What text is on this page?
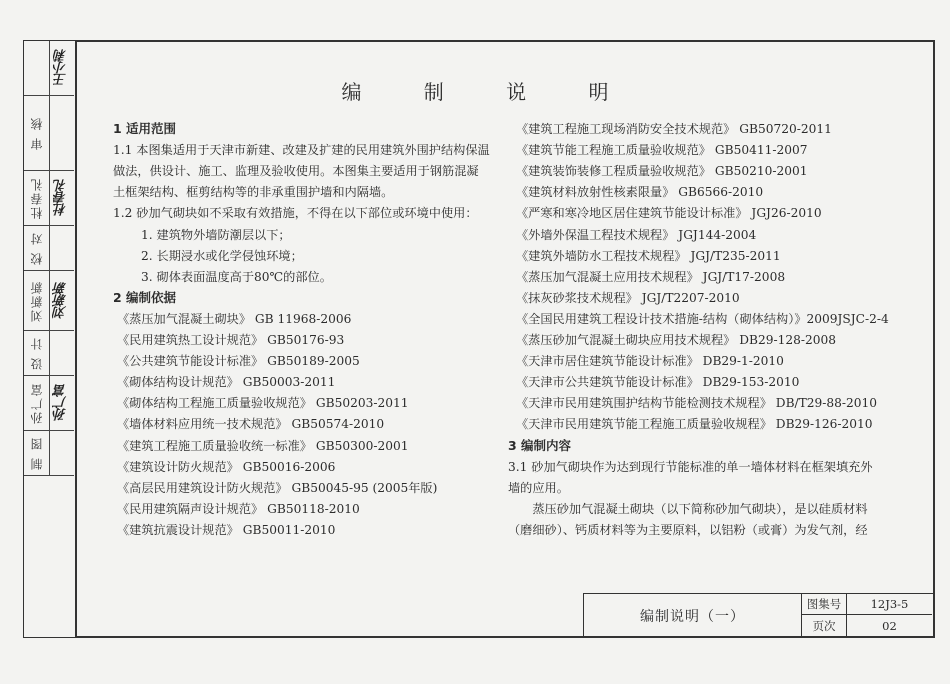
王小莉
审 核
杜春礼 杜春礼
校 对
刘新新 刘新新
设 计
孙广富 孙广富
制 图
编 制 说 明
1 适用范围
1.1 本图集适用于天津市新建、改建及扩建的民用建筑外围护结构保温
做法，供设计、施工、监理及验收使用。本图集主要适用于钢筋混凝
土框架结构、框剪结构等的非承重围护墙和内隔墙。
1.2 砂加气砌块如不采取有效措施，不得在以下部位或环境中使用：
1. 建筑物外墙防潮层以下；
2. 长期浸水或化学侵蚀环境；
3. 砌体表面温度高于80℃的部位。
2 编制依据
《蒸压加气混凝土砌块》 GB 11968-2006
《民用建筑热工设计规范》 GB50176-93
《公共建筑节能设计标准》 GB50189-2005
《砌体结构设计规范》 GB50003-2011
《砌体结构工程施工质量验收规范》 GB50203-2011
《墙体材料应用统一技术规范》 GB50574-2010
《建筑工程施工质量验收统一标准》 GB50300-2001
《建筑设计防火规范》 GB50016-2006
《高层民用建筑设计防火规范》 GB50045-95 (2005年版)
《民用建筑隔声设计规范》 GB50118-2010
《建筑抗震设计规范》 GB50011-2010
《建筑工程施工现场消防安全技术规范》 GB50720-2011
《建筑节能工程施工质量验收规范》 GB50411-2007
《建筑装饰装修工程质量验收规范》 GB50210-2001
《建筑材料放射性核素限量》 GB6566-2010
《严寒和寒冷地区居住建筑节能设计标准》 JGJ26-2010
《外墙外保温工程技术规程》 JGJ144-2004
《建筑外墙防水工程技术规程》 JGJ/T235-2011
《蒸压加气混凝土应用技术规程》 JGJ/T17-2008
《抹灰砂浆技术规程》 JGJ/T2207-2010
《全国民用建筑工程设计技术措施-结构（砌体结构）》2009JSJC-2-4
《蒸压砂加气混凝土砌块应用技术规程》 DB29-128-2008
《天津市居住建筑节能设计标准》 DB29-1-2010
《天津市公共建筑节能设计标准》 DB29-153-2010
《天津市民用建筑围护结构节能检测技术规程》 DB/T29-88-2010
《天津市民用建筑节能工程施工质量验收规程》 DB29-126-2010
3 编制内容
3.1 砂加气砌块作为达到现行节能标准的单一墙体材料在框架填充外
墙的应用。
　　蒸压砂加气混凝土砌块（以下简称砂加气砌块），是以硅质材料
（磨细砂）、钙质材料等为主要原料，以铝粉（或膏）为发气剂，经
编制说明（一）
图集号	12J3-5
页次	02
